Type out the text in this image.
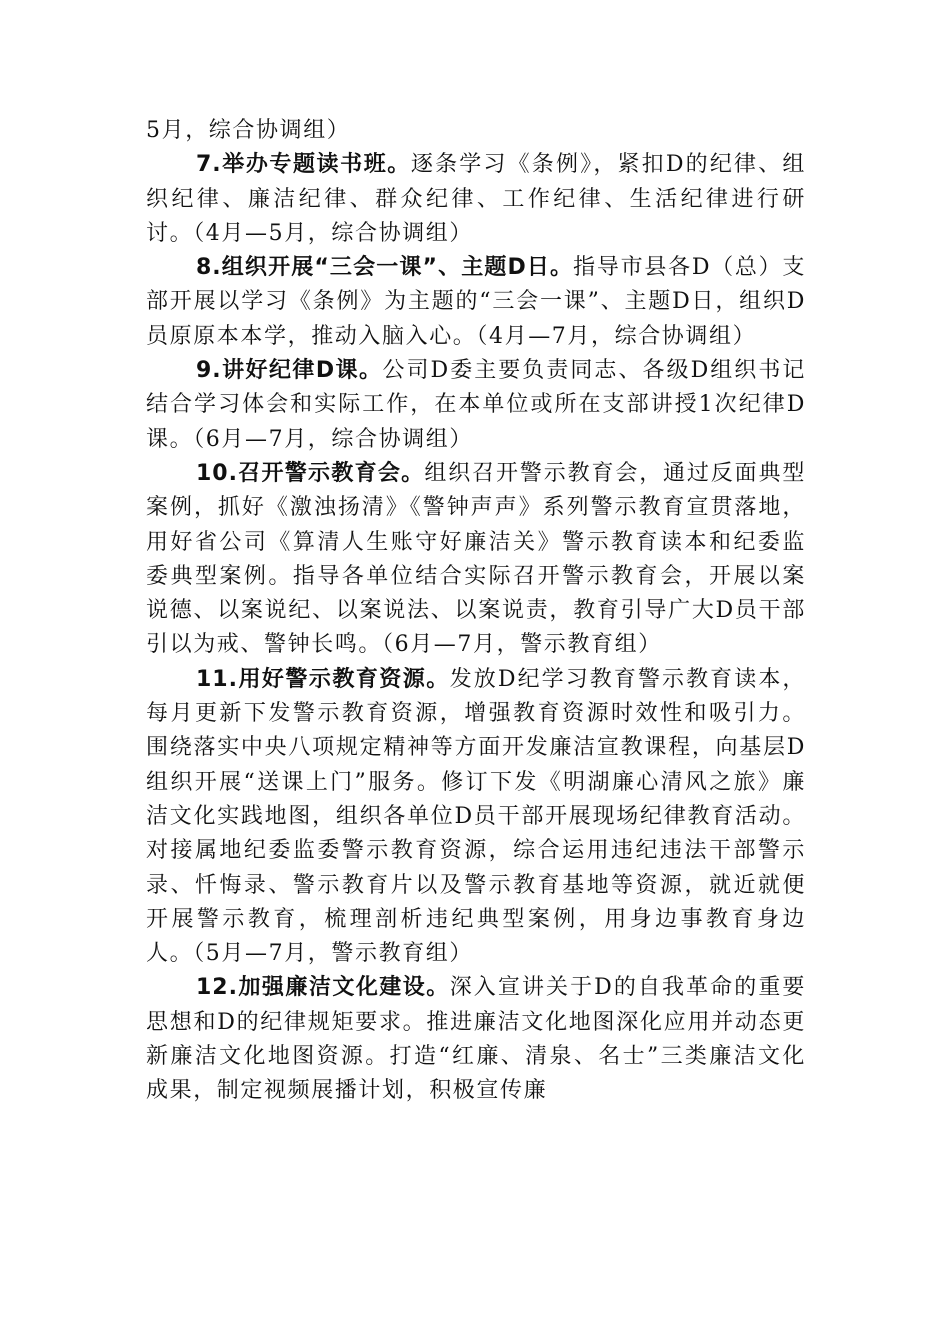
5月，综合协调组）

7.举办专题读书班。逐条学习《条例》，紧扣D的纪律、组织纪律、廉洁纪律、群众纪律、工作纪律、生活纪律进行研讨。（4月—5月，综合协调组）

8.组织开展“三会一课”、主题D日。指导市县各D（总）支部开展以学习《条例》为主题的“三会一课”、主题D日，组织D员原原本本学，推动入脑入心。（4月—7月，综合协调组）

9.讲好纪律D课。公司D委主要负责同志、各级D组织书记结合学习体会和实际工作，在本单位或所在支部讲授1次纪律D课。（6月—7月，综合协调组）

10.召开警示教育会。组织召开警示教育会，通过反面典型案例，抓好《激浊扬清》《警钟声声》系列警示教育宣贯落地，用好省公司《算清人生账守好廉洁关》警示教育读本和纪委监委典型案例。指导各单位结合实际召开警示教育会，开展以案说德、以案说纪、以案说法、以案说责，教育引导广大D员干部引以为戒、警钟长鸣。（6月—7月，警示教育组）

11.用好警示教育资源。发放D纪学习教育警示教育读本，每月更新下发警示教育资源，增强教育资源时效性和吸引力。围绕落实中央八项规定精神等方面开发廉洁宣教课程，向基层D组织开展“送课上门”服务。修订下发《明湖廉心清风之旅》廉洁文化实践地图，组织各单位D员干部开展现场纪律教育活动。对接属地纪委监委警示教育资源，综合运用违纪违法干部警示录、忏悔录、警示教育片以及警示教育基地等资源，就近就便开展警示教育，梳理剖析违纪典型案例，用身边事教育身边人。（5月—7月，警示教育组）

12.加强廉洁文化建设。深入宣讲关于D的自我革命的重要思想和D的纪律规矩要求。推进廉洁文化地图深化应用并动态更新廉洁文化地图资源。打造“红廉、清泉、名士”三类廉洁文化成果，制定视频展播计划，积极宣传廉
